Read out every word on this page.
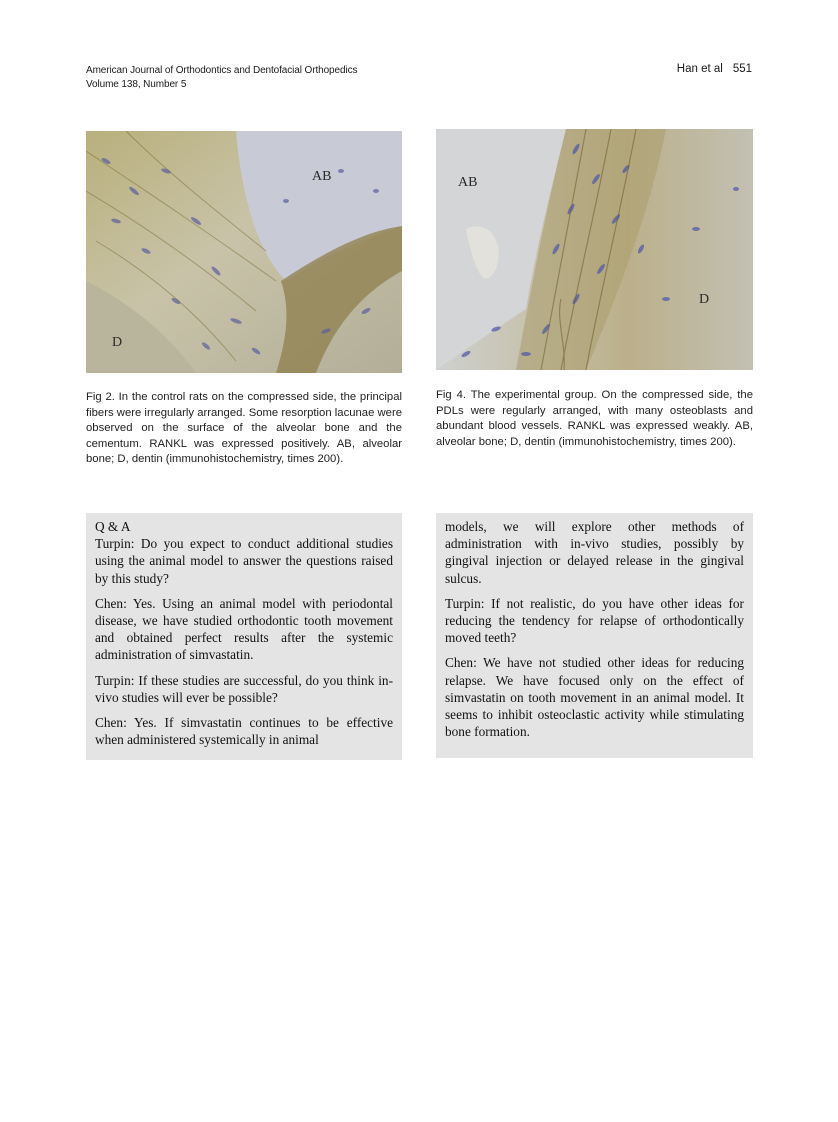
American Journal of Orthodontics and Dentofacial Orthopedics
Volume 138, Number 5
Han et al 551
AB
D
AB
D
Fig 2. In the control rats on the compressed side, the principal fibers were irregularly arranged. Some resorption lacunae were observed on the surface of the alveolar bone and the cementum. RANKL was expressed positively. AB, alveolar bone; D, dentin (immunohistochemistry, times 200).
Fig 4. The experimental group. On the compressed side, the PDLs were regularly arranged, with many osteoblasts and abundant blood vessels. RANKL was expressed weakly. AB, alveolar bone; D, dentin (immunohistochemistry, times 200).

Q & A

Turpin: Do you expect to conduct additional studies using the animal model to answer the questions raised by this study?

Chen: Yes. Using an animal model with periodontal disease, we have studied orthodontic tooth movement and obtained perfect results after the systemic administration of simvastatin.

Turpin: If these studies are successful, do you think in-vivo studies will ever be possible?

Chen: Yes. If simvastatin continues to be effective when administered systemically in animal

models, we will explore other methods of administration with in-vivo studies, possibly by gingival injection or delayed release in the gingival sulcus.

Turpin: If not realistic, do you have other ideas for reducing the tendency for relapse of orthodontically moved teeth?

Chen: We have not studied other ideas for reducing relapse. We have focused only on the effect of simvastatin on tooth movement in an animal model. It seems to inhibit osteoclastic activity while stimulating bone formation.
